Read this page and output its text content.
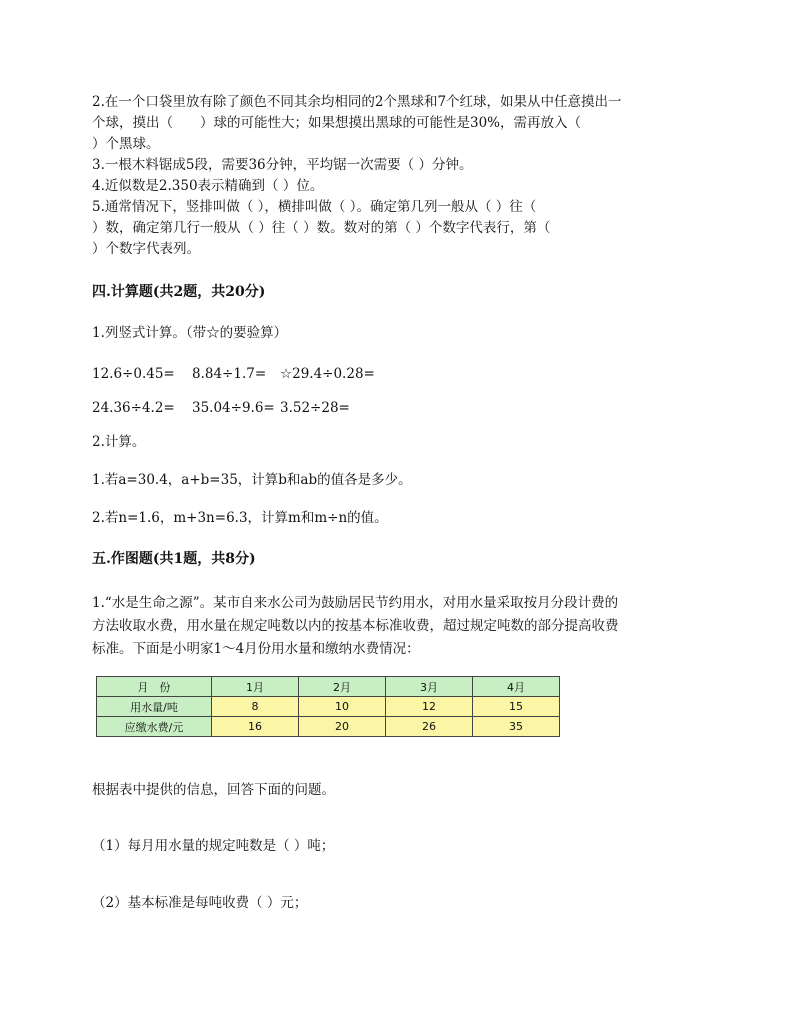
2.在一个口袋里放有除了颜色不同其余均相同的2个黑球和7个红球，如果从中任意摸出一
个球，摸出（　　）球的可能性大；如果想摸出黑球的可能性是30%，需再放入（
）个黑球。
3.一根木料锯成5段，需要36分钟，平均锯一次需要（ ）分钟。
4.近似数是2.350表示精确到（ ）位。
5.通常情况下，竖排叫做（ ），横排叫做（ ）。确定第几列一般从（ ）往（
）数，确定第几行一般从（ ）往（ ）数。数对的第（ ）个数字代表行，第（
）个数字代表列。
四.计算题(共2题，共20分)
1.列竖式计算。（带☆的要验算）
12.6÷0.45= 8.84÷1.7= ☆29.4÷0.28=
24.36÷4.2= 35.04÷9.6= 3.52÷28=
2.计算。
1.若a=30.4，a+b=35，计算b和ab的值各是多少。
2.若n=1.6，m+3n=6.3，计算m和m÷n的值。
五.作图题(共1题，共8分)
1.“水是生命之源”。某市自来水公司为鼓励居民节约用水，对用水量采取按月分段计费的
方法收取水费，用水量在规定吨数以内的按基本标准收费，超过规定吨数的部分提高收费
标准。下面是小明家1～4月份用水量和缴纳水费情况：
月　份	1月	2月	3月	4月
用水量/吨	8	10	12	15
应缴水费/元	16	20	26	35
根据表中提供的信息，回答下面的问题。
（1）每月用水量的规定吨数是（ ）吨；
（2）基本标准是每吨收费（ ）元；
